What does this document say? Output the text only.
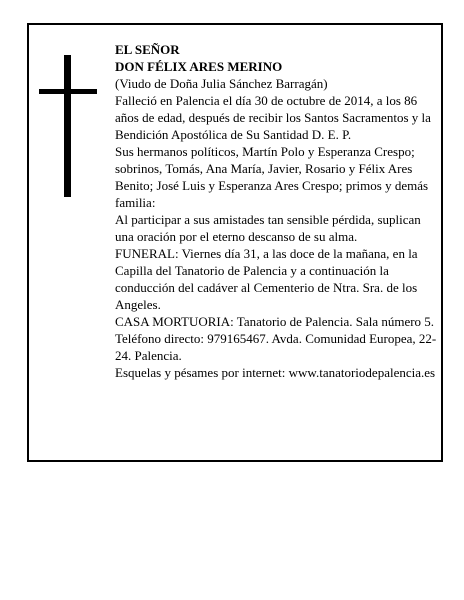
EL SEÑOR

DON FÉLIX ARES MERINO

(Viudo de Doña Julia Sánchez Barragán)

Falleció en Palencia el día 30 de octubre de 2014, a los 86 años de edad, después de recibir los Santos Sacramentos y la Bendición Apostólica de Su Santidad D. E. P.

Sus hermanos políticos, Martín Polo y Esperanza Crespo; sobrinos, Tomás, Ana María, Javier, Rosario y Félix Ares Benito; José Luis y Esperanza Ares Crespo; primos y demás familia:

Al participar a sus amistades tan sensible pérdida, suplican una oración por el eterno descanso de su alma.

FUNERAL: Viernes día 31, a las doce de la mañana, en la Capilla del Tanatorio de Palencia y a continuación la conducción del cadáver al Cementerio de Ntra. Sra. de los Angeles.

CASA MORTUORIA: Tanatorio de Palencia. Sala número 5. Teléfono directo: 979165467. Avda. Comunidad Europea, 22-24. Palencia.

Esquelas y pésames por internet: www.tanatoriodepalencia.es
